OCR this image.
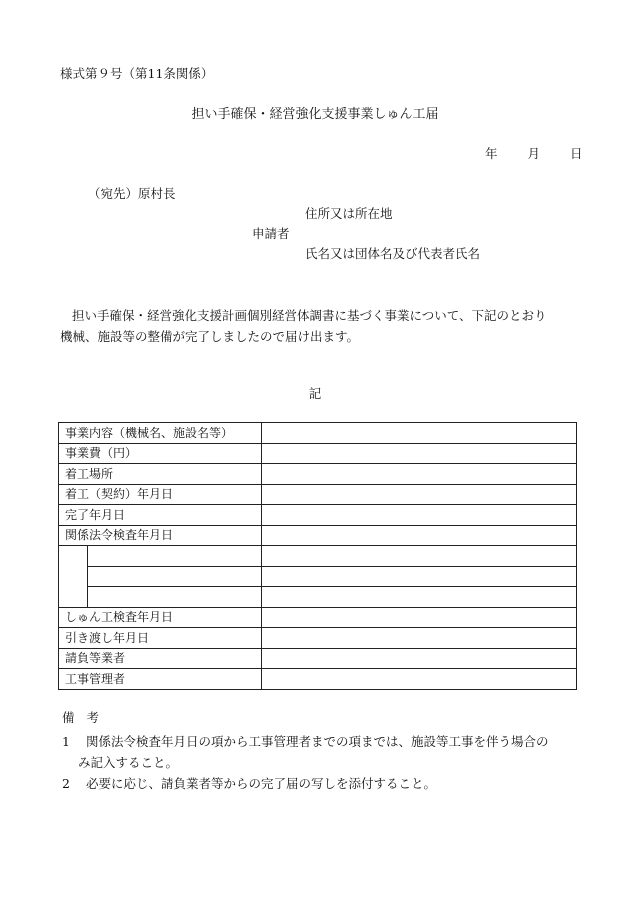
様式第９号（第11条関係）
担い手確保・経営強化支援事業しゅん工届
年 月 日
（宛先）原村長
住所又は所在地
申請者
氏名又は団体名及び代表者氏名

担い手確保・経営強化支援計画個別経営体調書に基づく事業について、下記のとおり

機械、施設等の整備が完了しましたので届け出ます。

記
事業内容（機械名、施設名等）		
事業費（円）		
着工場所		
着工（契約）年月日		
完了年月日		
関係法令検査年月日		

しゅん工検査年月日		
引き渡し年月日		
請負等業者		
工事管理者		
備考
1 関係法令検査年月日の項から工事管理者までの項までは、施設等工事を伴う場合の
み記入すること。
2 必要に応じ、請負業者等からの完了届の写しを添付すること。
